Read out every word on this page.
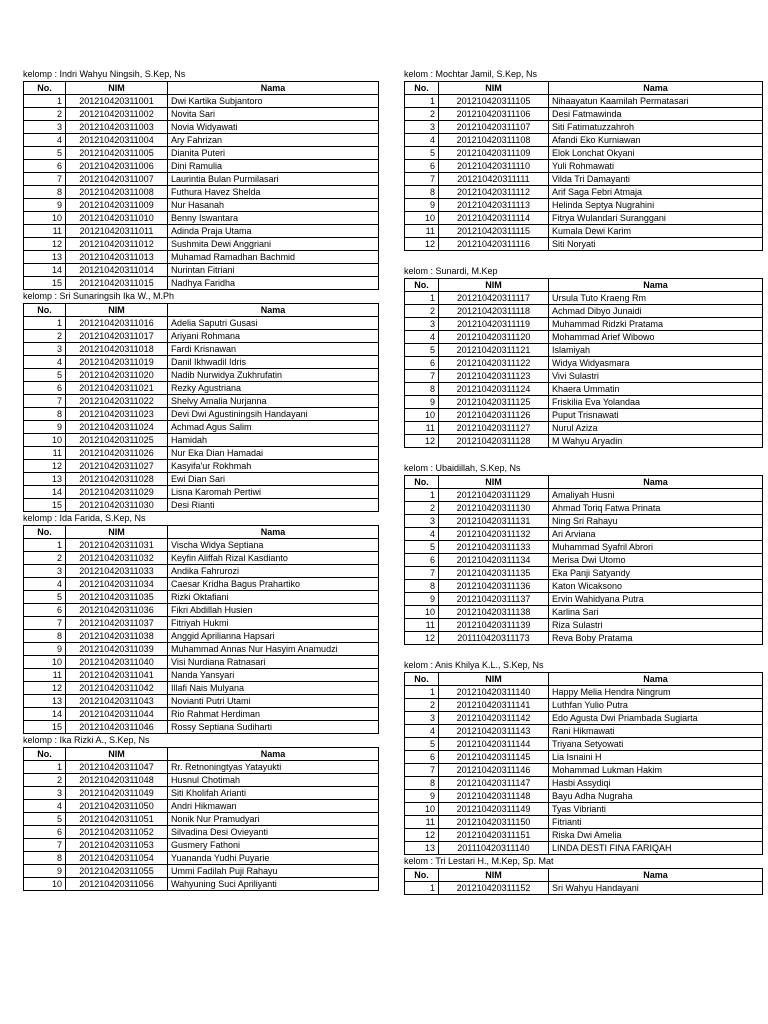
kelomp : Indri Wahyu Ningsih, S.Kep, Ns
No.	NIM	Nama
1	201210420311001	Dwi Kartika Subjantoro
2	201210420311002	Novita Sari
3	201210420311003	Novia Widyawati
4	201210420311004	Ary Fahrizan
5	201210420311005	Dianita Puteri
6	201210420311006	Dini Ramulia
7	201210420311007	Laurintia Bulan Purmilasari
8	201210420311008	Futhura Havez Shelda
9	201210420311009	Nur Hasanah
10	201210420311010	Benny Iswantara
11	201210420311011	Adinda Praja Utama
12	201210420311012	Sushmita Dewi Anggriani
13	201210420311013	Muhamad Ramadhan Bachmid
14	201210420311014	Nurintan Fitriani
15	201210420311015	Nadhya Faridha
kelomp : Sri Sunaringsih Ika W., M.Ph
No.	NIM	Nama
1	201210420311016	Adelia Saputri Gusasi
2	201210420311017	Ariyani Rohmana
3	201210420311018	Fardi Krisnawan
4	201210420311019	Danil Ikhwadil Idris
5	201210420311020	Nadib Nurwidya Zukhrufatin
6	201210420311021	Rezky Agustriana
7	201210420311022	Shelvy Amalia Nurjanna
8	201210420311023	Devi Dwi Agustiningsih Handayani
9	201210420311024	Achmad Agus Salim
10	201210420311025	Hamidah
11	201210420311026	Nur Eka Dian Hamadai
12	201210420311027	Kasyifa'ur Rokhmah
13	201210420311028	Ewi Dian Sari
14	201210420311029	Lisna Karomah Pertiwi
15	201210420311030	Desi Rianti
kelomp : Ida Farida, S.Kep, Ns
No.	NIM	Nama
1	201210420311031	Vischa Widya Septiana
2	201210420311032	Keyfin Aliffah Rizal Kasdianto
3	201210420311033	Andika Fahrurozi
4	201210420311034	Caesar Kridha Bagus Prahartiko
5	201210420311035	Rizki Oktafiani
6	201210420311036	Fikri Abdillah Husien
7	201210420311037	Fitriyah Hukmi
8	201210420311038	Anggid Aprilianna Hapsari
9	201210420311039	Muhammad Annas Nur Hasyim Anamudzi
10	201210420311040	Visi Nurdiana Ratnasari
11	201210420311041	Nanda Yansyari
12	201210420311042	Illafi Nais Mulyana
13	201210420311043	Novianti Putri Utami
14	201210420311044	Rio Rahmat Herdiman
15	201210420311046	Rossy Septiana Sudiharti
kelomp : Ika Rizki A., S.Kep, Ns
No.	NIM	Nama
1	201210420311047	Rr. Retnoningtyas Yatayukti
2	201210420311048	Husnul Chotimah
3	201210420311049	Siti Kholifah Arianti
4	201210420311050	Andri Hikmawan
5	201210420311051	Nonik Nur Pramudyari
6	201210420311052	Silvadina Desi Ovieyanti
7	201210420311053	Gusmery Fathoni
8	201210420311054	Yuananda Yudhi Puyarie
9	201210420311055	Ummi Fadilah Puji Rahayu
10	201210420311056	Wahyuning Suci Apriliyanti
kelom : Mochtar Jamil, S.Kep, Ns
No.	NIM	Nama
1	201210420311105	Nihaayatun Kaamilah Permatasari
2	201210420311106	Desi Fatmawinda
3	201210420311107	Siti Fatimatuzzahroh
4	201210420311108	Afandi Eko Kurniawan
5	201210420311109	Elok Lonchat Okyani
6	201210420311110	Yuli Rohmawati
7	201210420311111	Vilda Tri Damayanti
8	201210420311112	Arif Saga Febri Atmaja
9	201210420311113	Helinda Septya Nugrahini
10	201210420311114	Fitrya Wulandari Suranggani
11	201210420311115	Kumala Dewi Karim
12	201210420311116	Siti Noryati
kelom : Sunardi, M.Kep
No.	NIM	Nama
1	201210420311117	Ursula Tuto Kraeng Rm
2	201210420311118	Achmad Dibyo Junaidi
3	201210420311119	Muhammad Ridzki Pratama
4	201210420311120	Mohammad Arief Wibowo
5	201210420311121	Islamiyah
6	201210420311122	Widya Widyasmara
7	201210420311123	Vivi Sulastri
8	201210420311124	Khaera Ummatin
9	201210420311125	Friskilia Eva Yolandaa
10	201210420311126	Puput Trisnawati
11	201210420311127	Nurul Aziza
12	201210420311128	M Wahyu Aryadin
kelom : Ubaidillah, S.Kep, Ns
No.	NIM	Nama
1	201210420311129	Amaliyah Husni
2	201210420311130	Ahmad Toriq Fatwa Prinata
3	201210420311131	Ning Sri Rahayu
4	201210420311132	Ari Arviana
5	201210420311133	Muhammad Syafril Abrori
6	201210420311134	Merisa Dwi Utomo
7	201210420311135	Eka Panji Satyandy
8	201210420311136	Katon Wicaksono
9	201210420311137	Ervin Wahidyana Putra
10	201210420311138	Karlina Sari
11	201210420311139	Riza Sulastri
12	201110420311173	Reva Boby Pratama
kelom : Anis Khilya K.L., S.Kep, Ns
No.	NIM	Nama
1	201210420311140	Happy Melia Hendra Ningrum
2	201210420311141	Luthfan Yulio Putra
3	201210420311142	Edo Agusta Dwi Priambada Sugiarta
4	201210420311143	Rani Hikmawati
5	201210420311144	Triyana Setyowati
6	201210420311145	Lia Isnaini H
7	201210420311146	Mohammad Lukman Hakim
8	201210420311147	Hasbi Assydiqi
9	201210420311148	Bayu Adha Nugraha
10	201210420311149	Tyas Vibrianti
11	201210420311150	Fitrianti
12	201210420311151	Riska Dwi Amelia
13	201110420311140	LINDA DESTI FINA FARIQAH
kelom : Tri Lestari H., M.Kep, Sp. Mat
No.	NIM	Nama
1	201210420311152	Sri Wahyu Handayani
